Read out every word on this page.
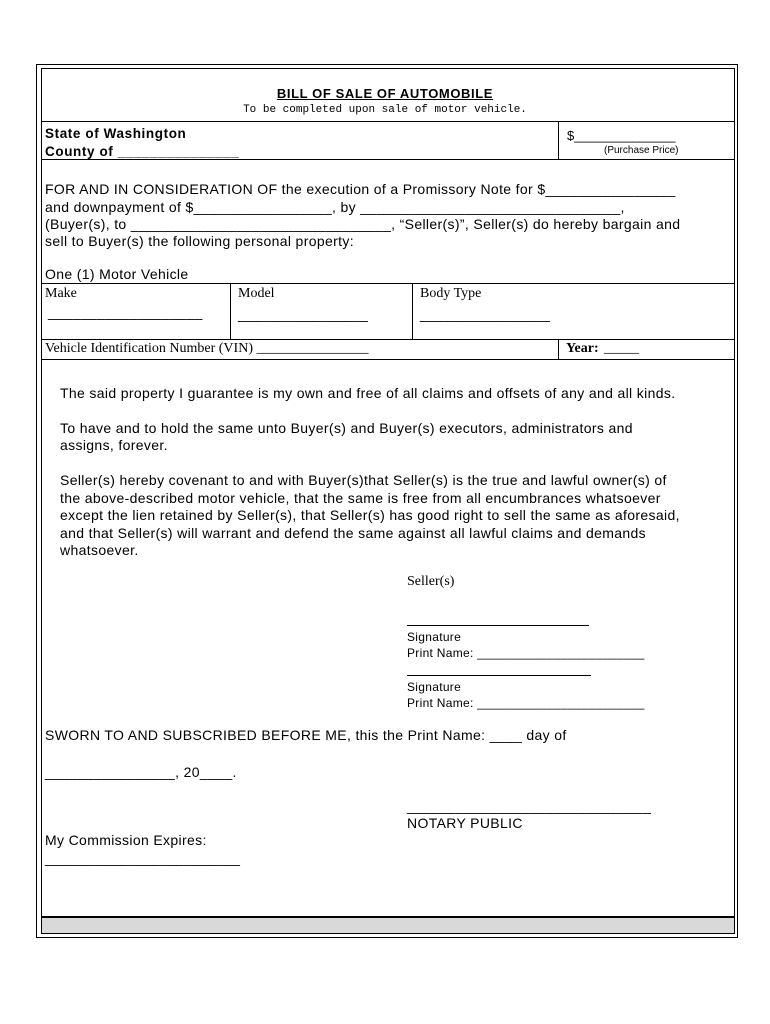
BILL OF SALE OF AUTOMOBILE
To be completed upon sale of motor vehicle.
State of Washington
County of _______________
$______________
(Purchase Price)
FOR AND IN CONSIDERATION OF the execution of a Promissory Note for $________________
and downpayment of $_________________, by ________________________________,
(Buyer(s), to ________________________________, “Seller(s)”, Seller(s) do hereby bargain and
sell to Buyer(s) the following personal property:
One (1) Motor Vehicle
Make	Model	Body Type
___________________	________________	________________
Vehicle Identification Number (VIN) ________________	Year: _____
The said property I guarantee is my own and free of all claims and offsets of any and all kinds.
To have and to hold the same unto Buyer(s) and Buyer(s) executors, administrators and
assigns, forever.
Seller(s) hereby covenant to and with Buyer(s)that Seller(s) is the true and lawful owner(s) of
the above-described motor vehicle, that the same is free from all encumbrances whatsoever
except the lien retained by Seller(s), that Seller(s) has good right to sell the same as aforesaid,
and that Seller(s) will warrant and defend the same against all lawful claims and demands
whatsoever.
Seller(s)
Signature
Print Name: ________________________
Signature
Print Name: ________________________
SWORN TO AND SUBSCRIBED BEFORE ME, this the Print Name: ____ day of
________________, 20____.
______________________________
NOTARY PUBLIC
My Commission Expires:
________________________
